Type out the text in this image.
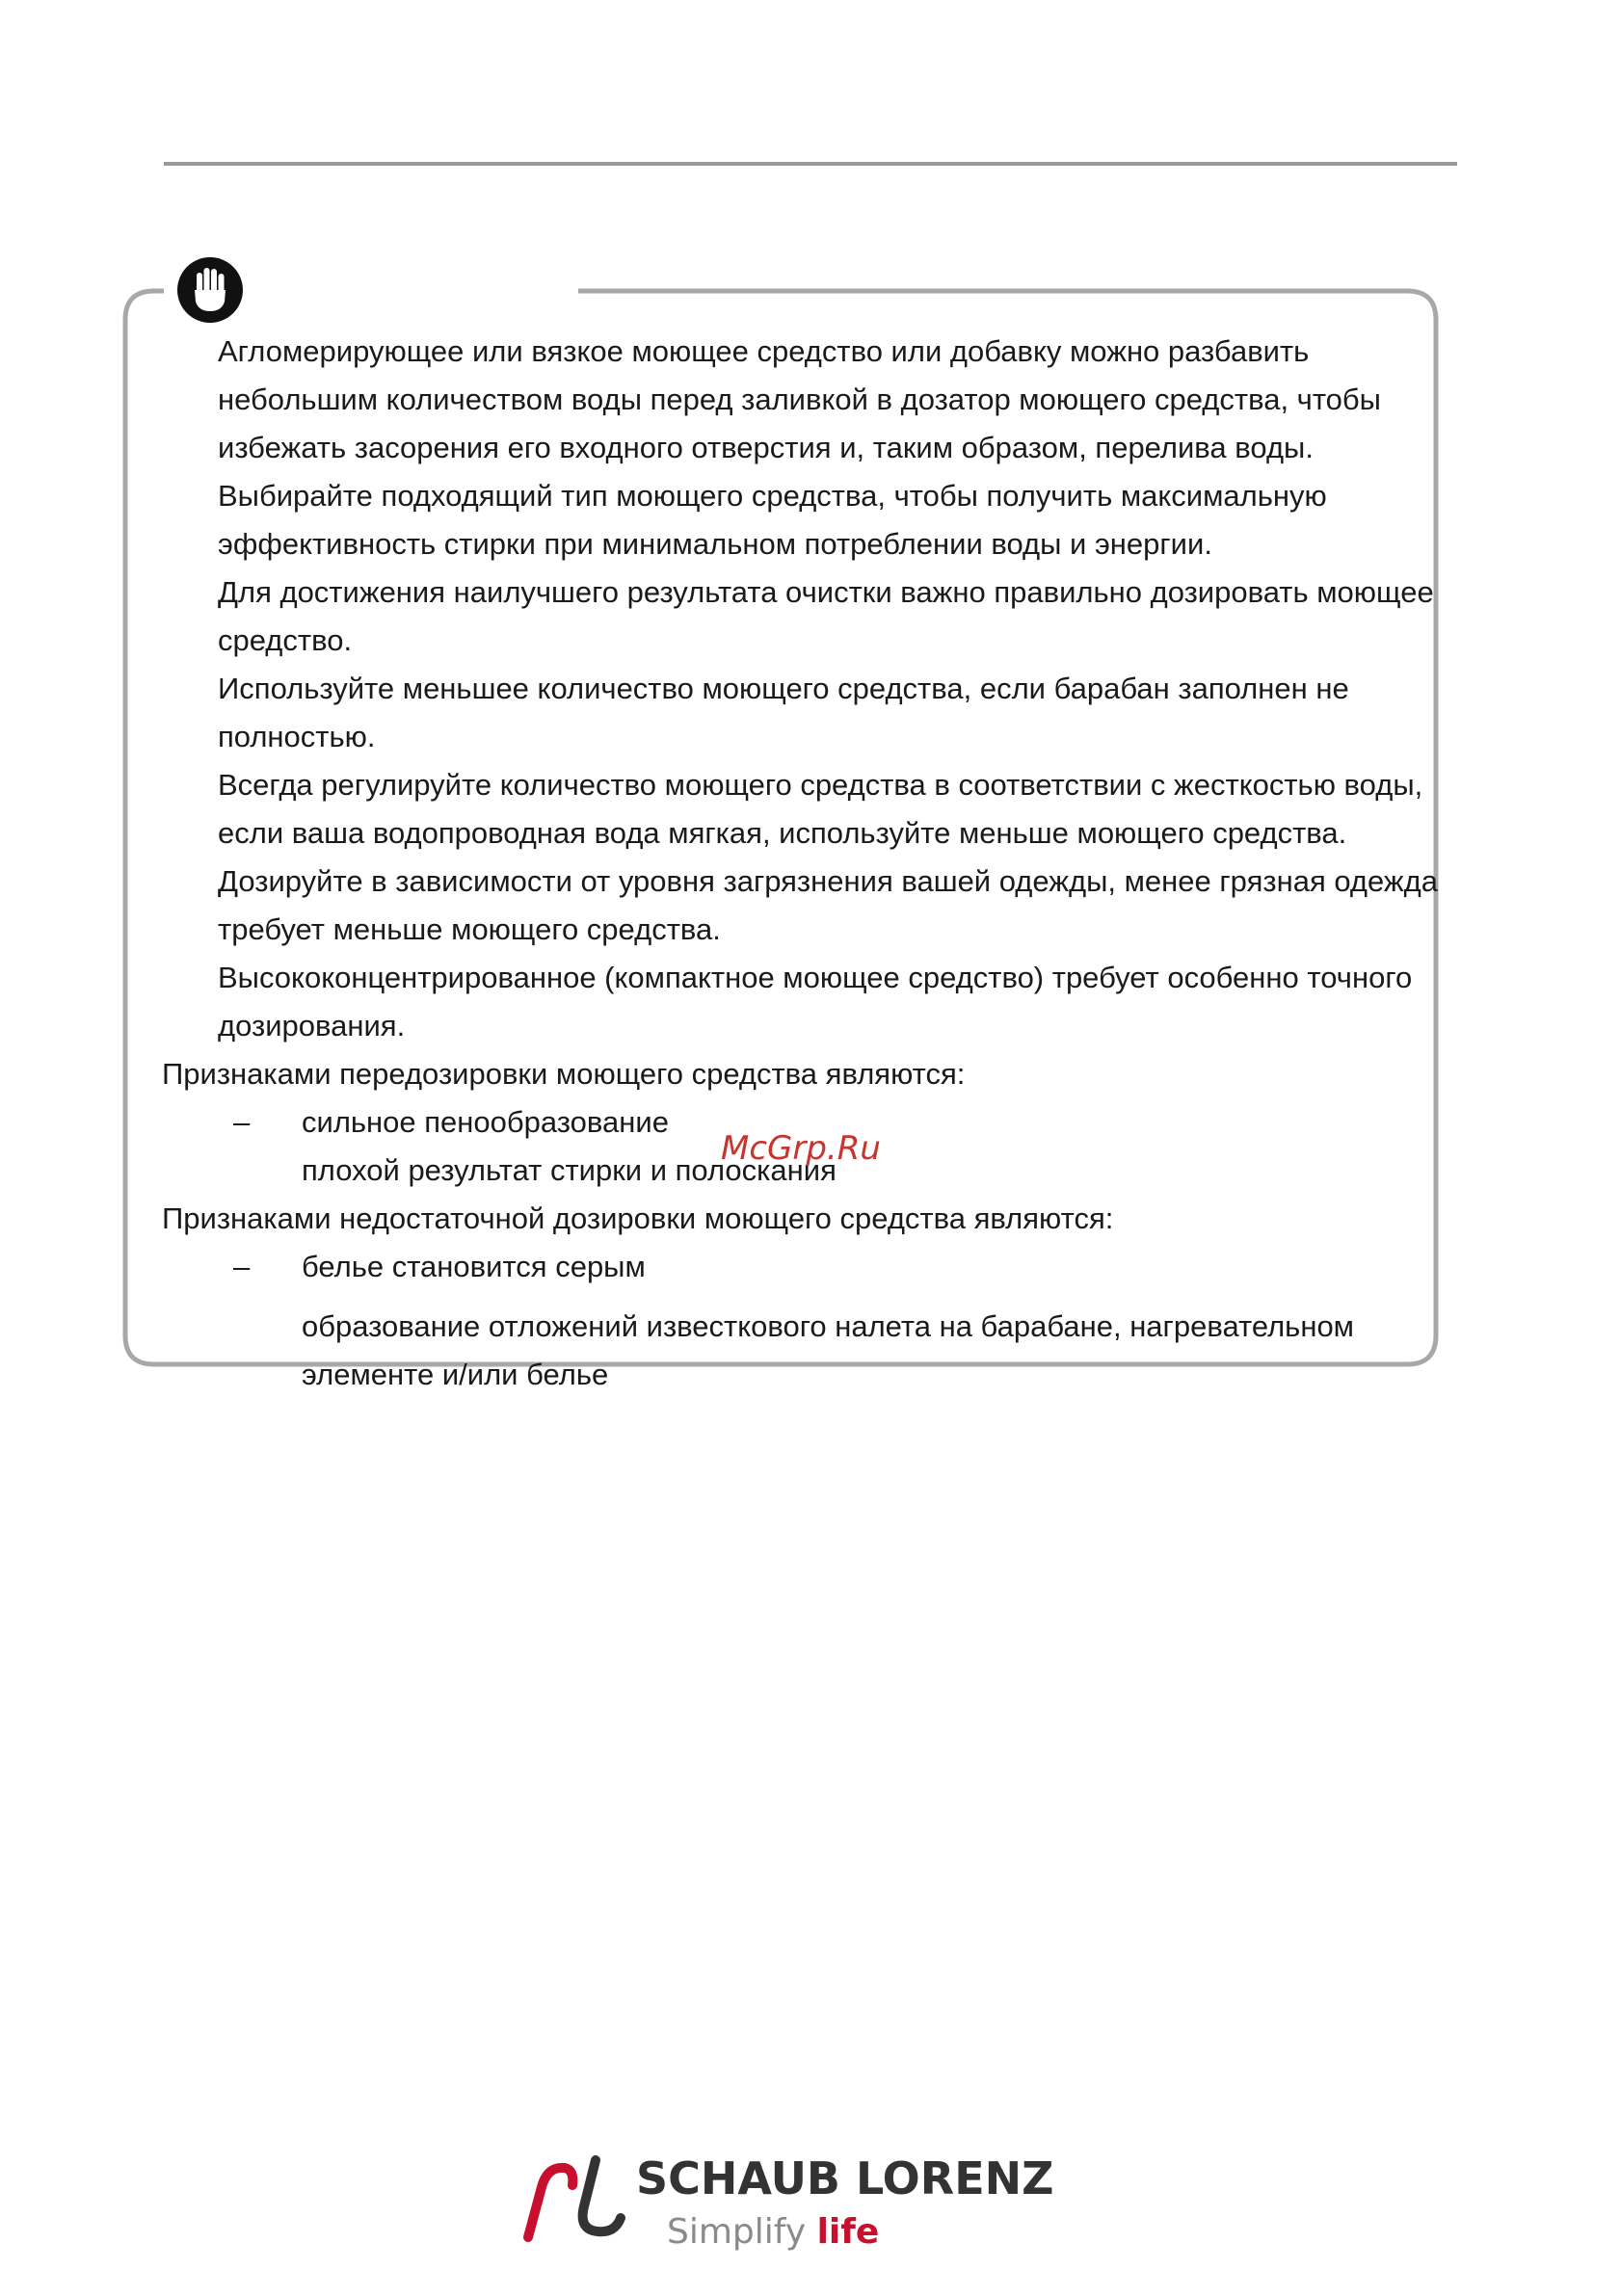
Агломерирующее или вязкое моющее средство или добавку можно разбавить небольшим количеством воды перед заливкой в дозатор моющего средства, чтобы избежать засорения его входного отверстия и, таким образом, перелива воды.

Выбирайте подходящий тип моющего средства, чтобы получить максимальную эффективность стирки при минимальном потреблении воды и энергии.

Для достижения наилучшего результата очистки важно правильно дозировать моющее средство.

Используйте меньшее количество моющего средства, если барабан заполнен не полностью.

Всегда регулируйте количество моющего средства в соответствии с жесткостью воды, если ваша водопроводная вода мягкая, используйте меньше моющего средства.

Дозируйте в зависимости от уровня загрязнения вашей одежды, менее грязная одежда требует меньше моющего средства.

Высококонцентрированное (компактное моющее средство) требует особенно точного дозирования.

Признаками передозировки моющего средства являются:

– сильное пенообразование

плохой результат стирки и полоскания

Признаками недостаточной дозировки моющего средства являются:

– белье становится серым

образование отложений известкового налета на барабане, нагревательном элементе и/или белье

McGrp.Ru
SCHAUB LORENZ
Simplify life
